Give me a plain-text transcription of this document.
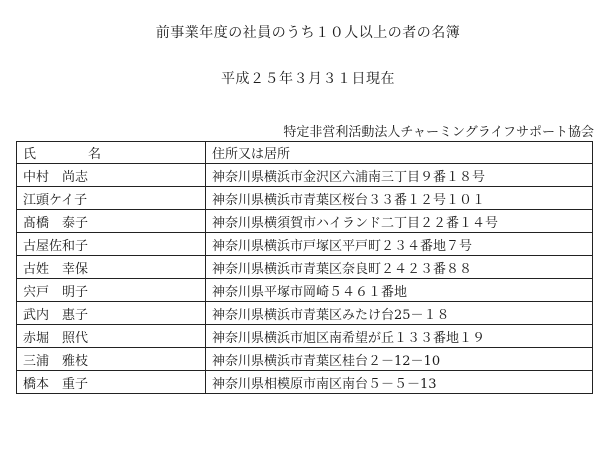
前事業年度の社員のうち１０人以上の者の名簿
平成２５年３月３１日現在
特定非営利活動法人チャーミングライフサポート協会
氏 名	住所又は居所
中村　尚志	神奈川県横浜市金沢区六浦南三丁目９番１８号
江頭ケイ子	神奈川県横浜市青葉区桜台３３番１２号１０１
髙橋　泰子	神奈川県横須賀市ハイランド二丁目２２番１４号
古屋佐和子	神奈川県横浜市戸塚区平戸町２３４番地７号
古姓　幸保	神奈川県横浜市青葉区奈良町２４２３番８８
宍戸　明子	神奈川県平塚市岡崎５４６１番地
武内　惠子	神奈川県横浜市青葉区みたけ台25－１８
赤堀　照代	神奈川県横浜市旭区南希望が丘１３３番地１９
三浦　雅枝	神奈川県横浜市青葉区桂台２－12－10
橋本　重子	神奈川県相模原市南区南台５－５－13
